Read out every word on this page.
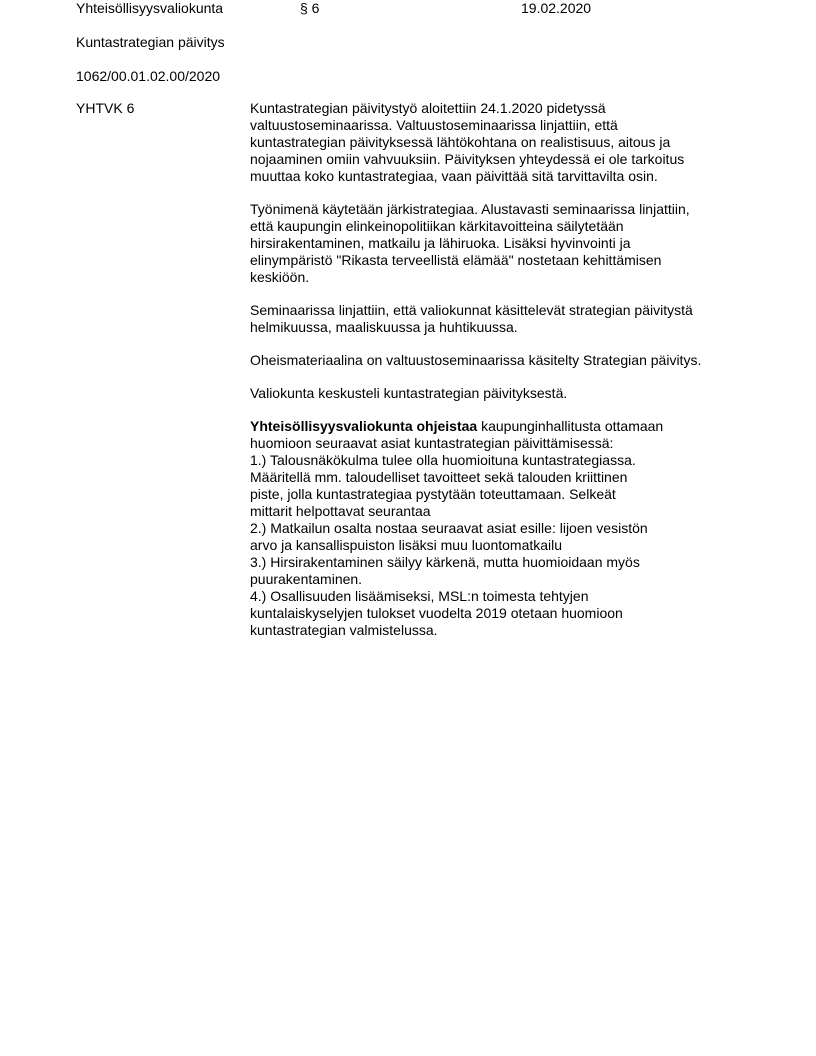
Yhteisöllisyysvaliokunta	§ 6	19.02.2020
Kuntastrategian päivitys
1062/00.01.02.00/2020
YHTVK 6	Kuntastrategian päivitystyö aloitettiin 24.1.2020 pidetyssä
valtuustoseminaarissa. Valtuustoseminaarissa linjattiin, että
kuntastrategian päivityksessä lähtökohtana on realistisuus, aitous ja
nojaaminen omiin vahvuuksiin. Päivityksen yhteydessä ei ole tarkoitus
muuttaa koko kuntastrategiaa, vaan päivittää sitä tarvittavilta osin.
Työnimenä käytetään järkistrategiaa. Alustavasti seminaarissa linjattiin,
että kaupungin elinkeinopolitiikan kärkitavoitteina säilytetään
hirsirakentaminen, matkailu ja lähiruoka. Lisäksi hyvinvointi ja
elinympäristö "Rikasta terveellistä elämää" nostetaan kehittämisen
keskiöön.
Seminaarissa linjattiin, että valiokunnat käsittelevät strategian päivitystä
helmikuussa, maaliskuussa ja huhtikuussa.
Oheismateriaalina on valtuustoseminaarissa käsitelty Strategian päivitys.
Valiokunta keskusteli kuntastrategian päivityksestä.
Yhteisöllisyysvaliokunta ohjeistaa kaupunginhallitusta ottamaan
huomioon seuraavat asiat kuntastrategian päivittämisessä:
1.) Talousnäkökulma tulee olla huomioituna kuntastrategiassa.
Määritellä mm. taloudelliset tavoitteet sekä talouden kriittinen
piste, jolla kuntastrategiaa pystytään toteuttamaan. Selkeät
mittarit helpottavat seurantaa
2.) Matkailun osalta nostaa seuraavat asiat esille: lijoen vesistön
arvo ja kansallispuiston lisäksi muu luontomatkailu
3.) Hirsirakentaminen säilyy kärkenä, mutta huomioidaan myös
puurakentaminen.
4.) Osallisuuden lisäämiseksi, MSL:n toimesta tehtyjen
kuntalaiskyselyjen tulokset vuodelta 2019 otetaan huomioon
kuntastrategian valmistelussa.
